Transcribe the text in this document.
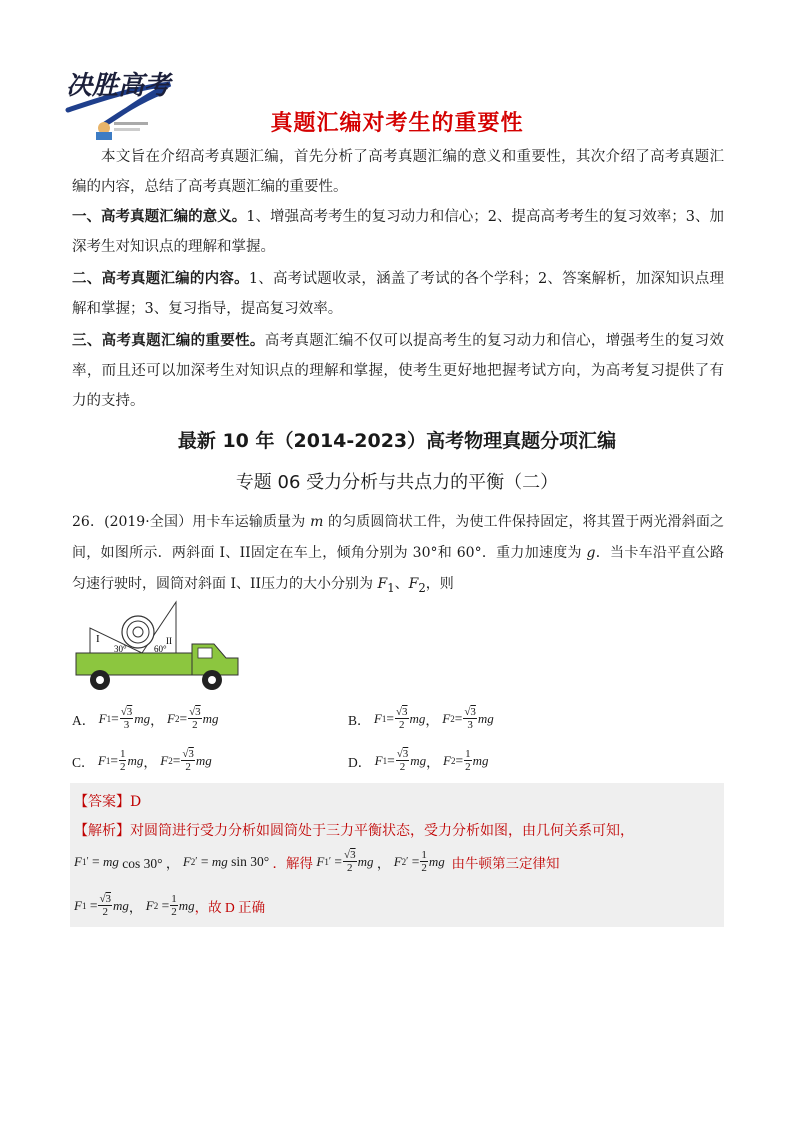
决胜高考
真题汇编对考生的重要性
本文旨在介绍高考真题汇编，首先分析了高考真题汇编的意义和重要性，其次介绍了高考真题汇编的内容，总结了高考真题汇编的重要性。
一、高考真题汇编的意义。1、增强高考考生的复习动力和信心；2、提高高考考生的复习效率；3、加深考生对知识点的理解和掌握。
二、高考真题汇编的内容。1、高考试题收录，涵盖了考试的各个学科；2、答案解析，加深知识点理解和掌握；3、复习指导，提高复习效率。
三、高考真题汇编的重要性。高考真题汇编不仅可以提高考生的复习动力和信心，增强考生的复习效率，而且还可以加深考生对知识点的理解和掌握，使考生更好地把握考试方向，为高考复习提供了有力的支持。
最新 10 年（2014-2023）高考物理真题分项汇编
专题 06 受力分析与共点力的平衡（二）
26．(2019·全国）用卡车运输质量为 m 的匀质圆筒状工件，为使工件保持固定，将其置于两光滑斜面之间，如图所示．两斜面 I、II固定在车上，倾角分别为 30°和 60°．重力加速度为 g．当卡车沿平直公路匀速行驶时，圆筒对斜面 I、II压力的大小分别为 $F_1$、$F_2$，则
I	II
30°	60°
A．
F $1 = \frac{√3}{3}$ mg ， F $2 = \frac{√3}{2}$ mg	B．
F $1 = \frac{√3}{2}$ mg ， F $2 = \frac{√3}{3}$ mg
C．
F $1 = \frac{1}{2}$ mg ， F $2 = \frac{√3}{2}$ mg	D．
F $1 = \frac{√3}{2}$ mg ， F $2 = \frac{1}{2}$ mg
【答案】D
【解析】对圆筒进行受力分析如圆筒处于三力平衡状态，受力分析如图，由几何关系可知，
F 1 ′ = mg cos 30° ， F 2 ′ = mg sin 30° ．解得
F 1 ′ = $\frac{√3}{2}$ mg ， F 2 ′ = $\frac{1}{2}$ mg
由牛顿第三定律知
F $1 = \frac{√3}{2}$ mg ， F $2 = \frac{1}{2}$ mg ，故 D 正确
